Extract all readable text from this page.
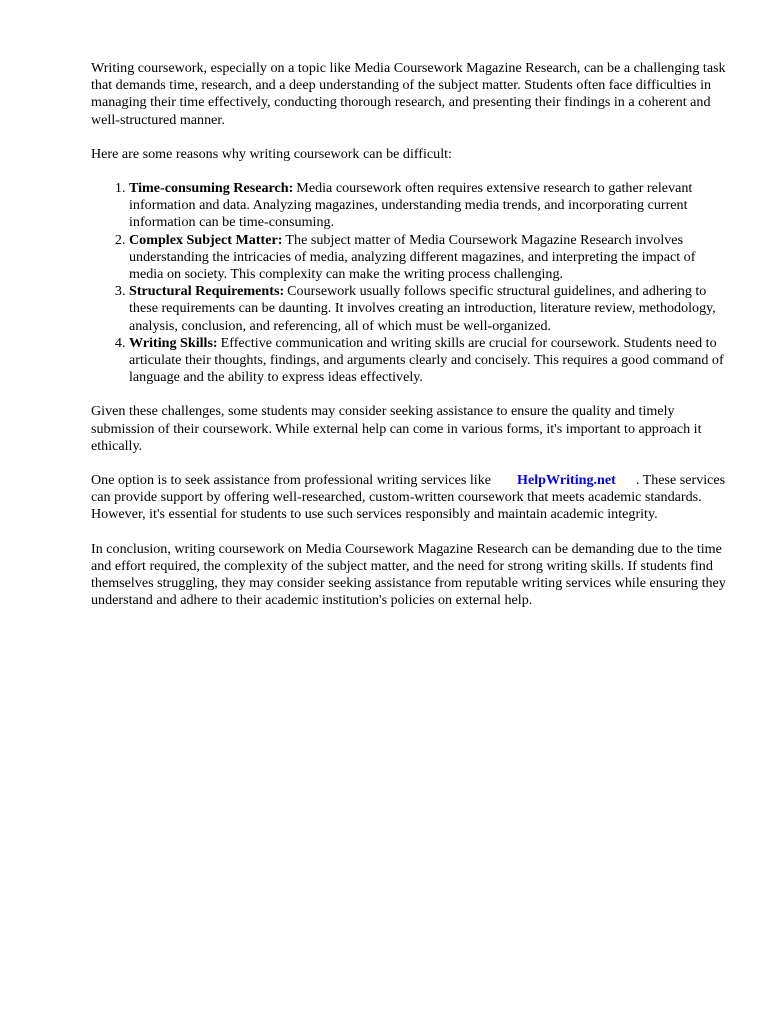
Writing coursework, especially on a topic like Media Coursework Magazine Research, can be a challenging task that demands time, research, and a deep understanding of the subject matter. Students often face difficulties in managing their time effectively, conducting thorough research, and presenting their findings in a coherent and well-structured manner.

Here are some reasons why writing coursework can be difficult:

1. Time-consuming Research: Media coursework often requires extensive research to gather relevant information and data. Analyzing magazines, understanding media trends, and incorporating current information can be time-consuming.
2. Complex Subject Matter: The subject matter of Media Coursework Magazine Research involves understanding the intricacies of media, analyzing different magazines, and interpreting the impact of media on society. This complexity can make the writing process challenging.
3. Structural Requirements: Coursework usually follows specific structural guidelines, and adhering to these requirements can be daunting. It involves creating an introduction, literature review, methodology, analysis, conclusion, and referencing, all of which must be well-organized.
4. Writing Skills: Effective communication and writing skills are crucial for coursework. Students need to articulate their thoughts, findings, and arguments clearly and concisely. This requires a good command of language and the ability to express ideas effectively.

Given these challenges, some students may consider seeking assistance to ensure the quality and timely submission of their coursework. While external help can come in various forms, it's important to approach it ethically.

One option is to seek assistance from professional writing services like HelpWriting.net . These services can provide support by offering well-researched, custom-written coursework that meets academic standards. However, it's essential for students to use such services responsibly and maintain academic integrity.

In conclusion, writing coursework on Media Coursework Magazine Research can be demanding due to the time and effort required, the complexity of the subject matter, and the need for strong writing skills. If students find themselves struggling, they may consider seeking assistance from reputable writing services while ensuring they understand and adhere to their academic institution's policies on external help.
